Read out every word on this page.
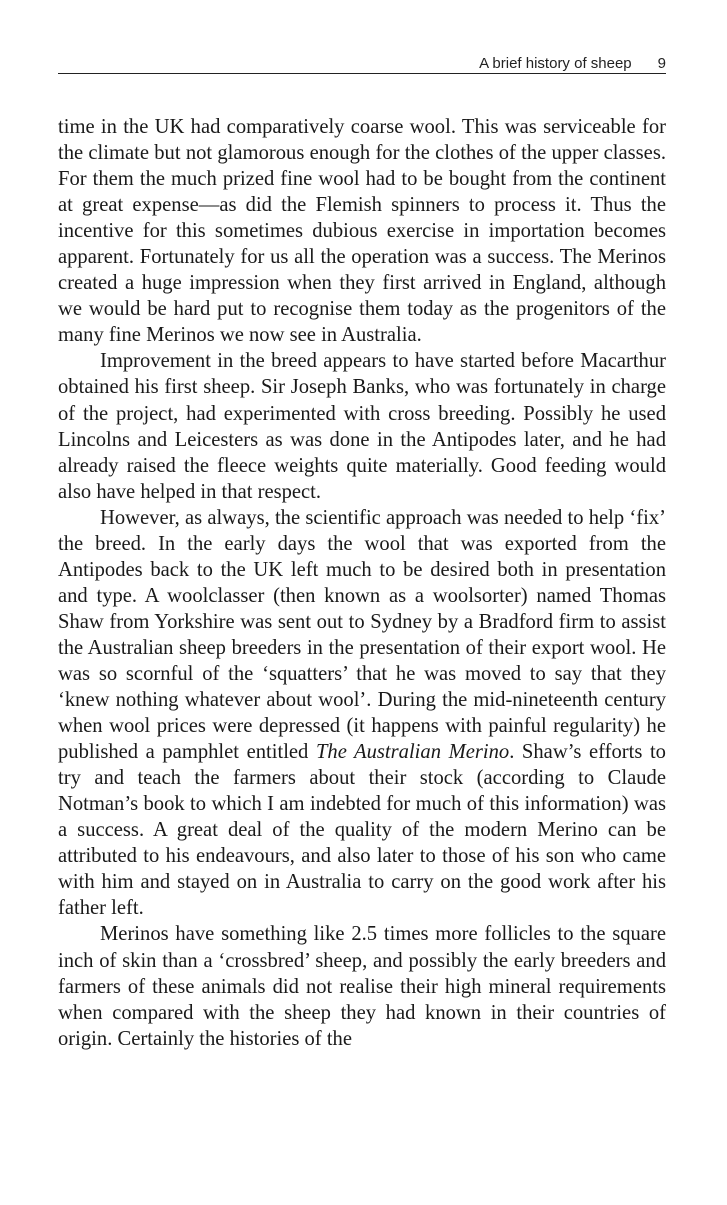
A brief history of sheep 9

time in the UK had comparatively coarse wool. This was serviceable for the climate but not glamorous enough for the clothes of the upper classes. For them the much prized fine wool had to be bought from the continent at great expense—as did the Flemish spinners to process it. Thus the incentive for this sometimes dubious exercise in importation becomes apparent. Fortunately for us all the operation was a success. The Merinos created a huge impression when they first arrived in England, although we would be hard put to recognise them today as the progenitors of the many fine Merinos we now see in Australia.

Improvement in the breed appears to have started before Macarthur obtained his first sheep. Sir Joseph Banks, who was fortunately in charge of the project, had experimented with cross breeding. Possibly he used Lincolns and Leicesters as was done in the Antipodes later, and he had already raised the fleece weights quite materially. Good feeding would also have helped in that respect.

However, as always, the scientific approach was needed to help ‘fix’ the breed. In the early days the wool that was exported from the Antipodes back to the UK left much to be desired both in presentation and type. A woolclasser (then known as a woolsorter) named Thomas Shaw from Yorkshire was sent out to Sydney by a Bradford firm to assist the Australian sheep breeders in the presentation of their export wool. He was so scornful of the ‘squatters’ that he was moved to say that they ‘knew nothing whatever about wool’. During the mid-nineteenth century when wool prices were depressed (it happens with painful regularity) he published a pamphlet entitled The Australian Merino. Shaw’s efforts to try and teach the farmers about their stock (according to Claude Notman’s book to which I am indebted for much of this information) was a success. A great deal of the quality of the modern Merino can be attributed to his endeavours, and also later to those of his son who came with him and stayed on in Australia to carry on the good work after his father left.

Merinos have something like 2.5 times more follicles to the square inch of skin than a ‘crossbred’ sheep, and possibly the early breeders and farmers of these animals did not realise their high mineral requirements when compared with the sheep they had known in their countries of origin. Certainly the histories of the
